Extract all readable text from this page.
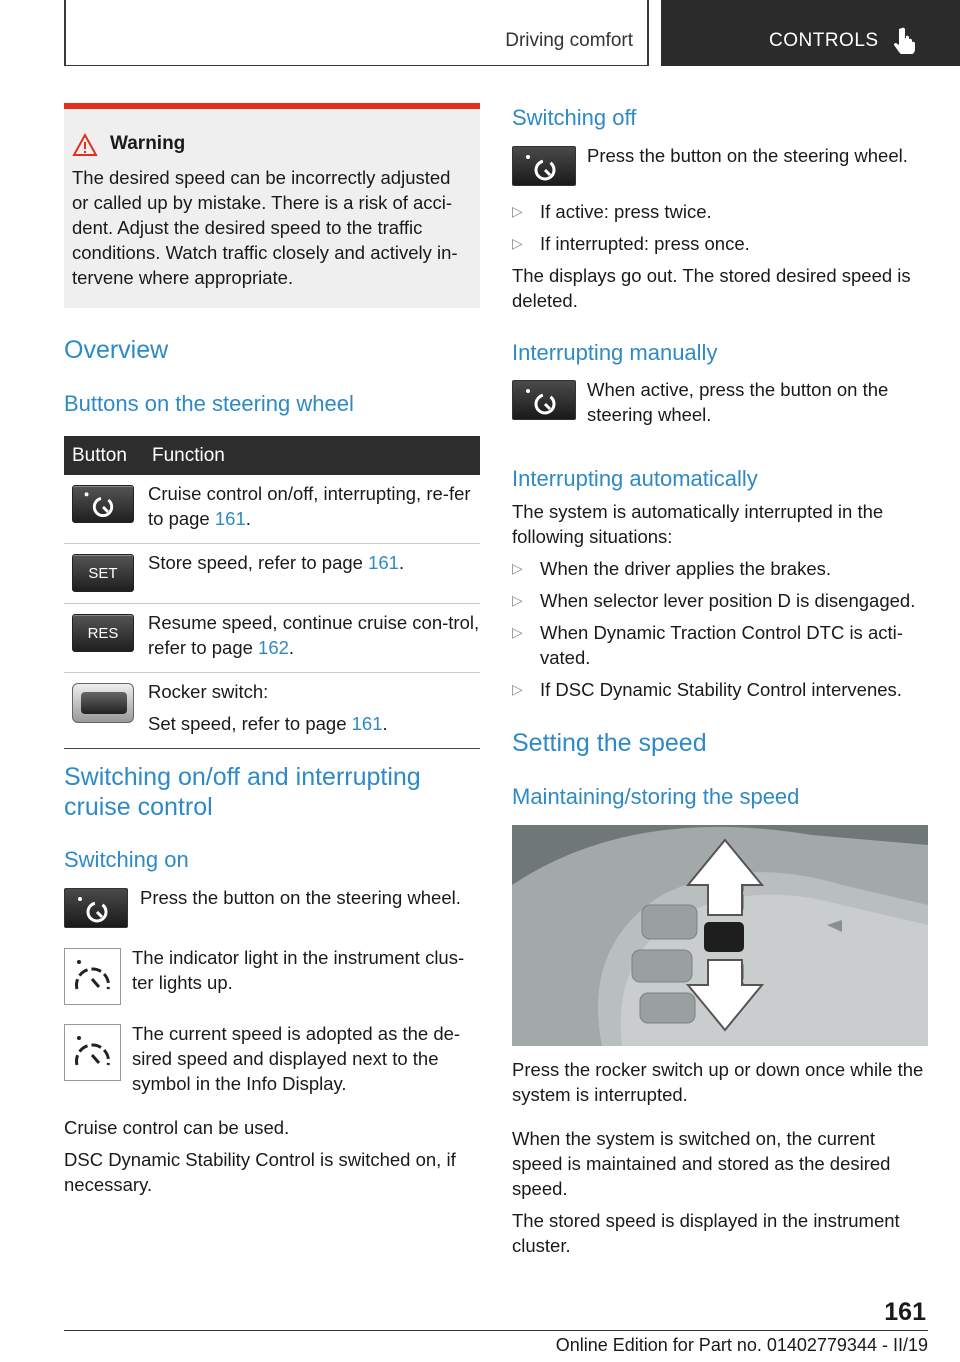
Driving comfort	CONTROLS
Warning
The desired speed can be incorrectly adjusted or called up by mistake. There is a risk of acci-dent. Adjust the desired speed to the traffic conditions. Watch traffic closely and actively in-tervene where appropriate.
Overview
Buttons on the steering wheel
Button	Function

	Cruise control on/off, interrupting, re-fer to page 161.

SET	Store speed, refer to page 161.

RES	Resume speed, continue cruise con-trol, refer to page 162.

	Rocker switch:
Set speed, refer to page 161.
Switching on/off and interrupting cruise control
Switching on
Press the button on the steering wheel.
The indicator light in the instrument clus-ter lights up.
The current speed is adopted as the de-sired speed and displayed next to the symbol in the Info Display.
Cruise control can be used.
DSC Dynamic Stability Control is switched on, if necessary.
Switching off
Press the button on the steering wheel.
▷ If active: press twice.
▷ If interrupted: press once.
The displays go out. The stored desired speed is deleted.
Interrupting manually
When active, press the button on the steering wheel.
Interrupting automatically
The system is automatically interrupted in the following situations:
▷ When the driver applies the brakes.
▷ When selector lever position D is disengaged.
▷ When Dynamic Traction Control DTC is acti-vated.
▷ If DSC Dynamic Stability Control intervenes.
Setting the speed
Maintaining/storing the speed
Press the rocker switch up or down once while the system is interrupted.
When the system is switched on, the current speed is maintained and stored as the desired speed.
The stored speed is displayed in the instrument cluster.
161
Online Edition for Part no. 01402779344 - II/19
